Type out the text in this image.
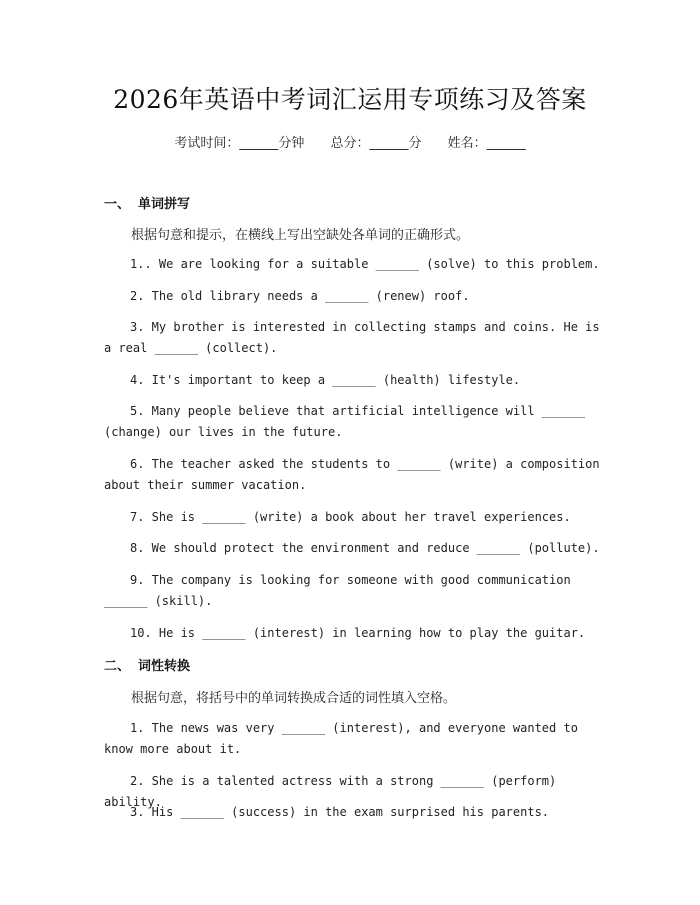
2026年英语中考词汇运用专项练习及答案
考试时间：______分钟 总分：______分 姓名：______
一、 单词拼写
根据句意和提示，在横线上写出空缺处各单词的正确形式。
1.. We are looking for a suitable ______ (solve) to this problem.
2. The old library needs a ______ (renew) roof.
3. My brother is interested in collecting stamps and coins. He is a real ______ (collect).
4. It's important to keep a ______ (health) lifestyle.
5. Many people believe that artificial intelligence will ______ (change) our lives in the future.
6. The teacher asked the students to ______ (write) a composition about their summer vacation.
7. She is ______ (write) a book about her travel experiences.
8. We should protect the environment and reduce ______ (pollute).
9. The company is looking for someone with good communication ______ (skill).
10. He is ______ (interest) in learning how to play the guitar.
二、 词性转换
根据句意，将括号中的单词转换成合适的词性填入空格。
1. The news was very ______ (interest), and everyone wanted to know more about it.
2. She is a talented actress with a strong ______ (perform) ability.
3. His ______ (success) in the exam surprised his parents.
